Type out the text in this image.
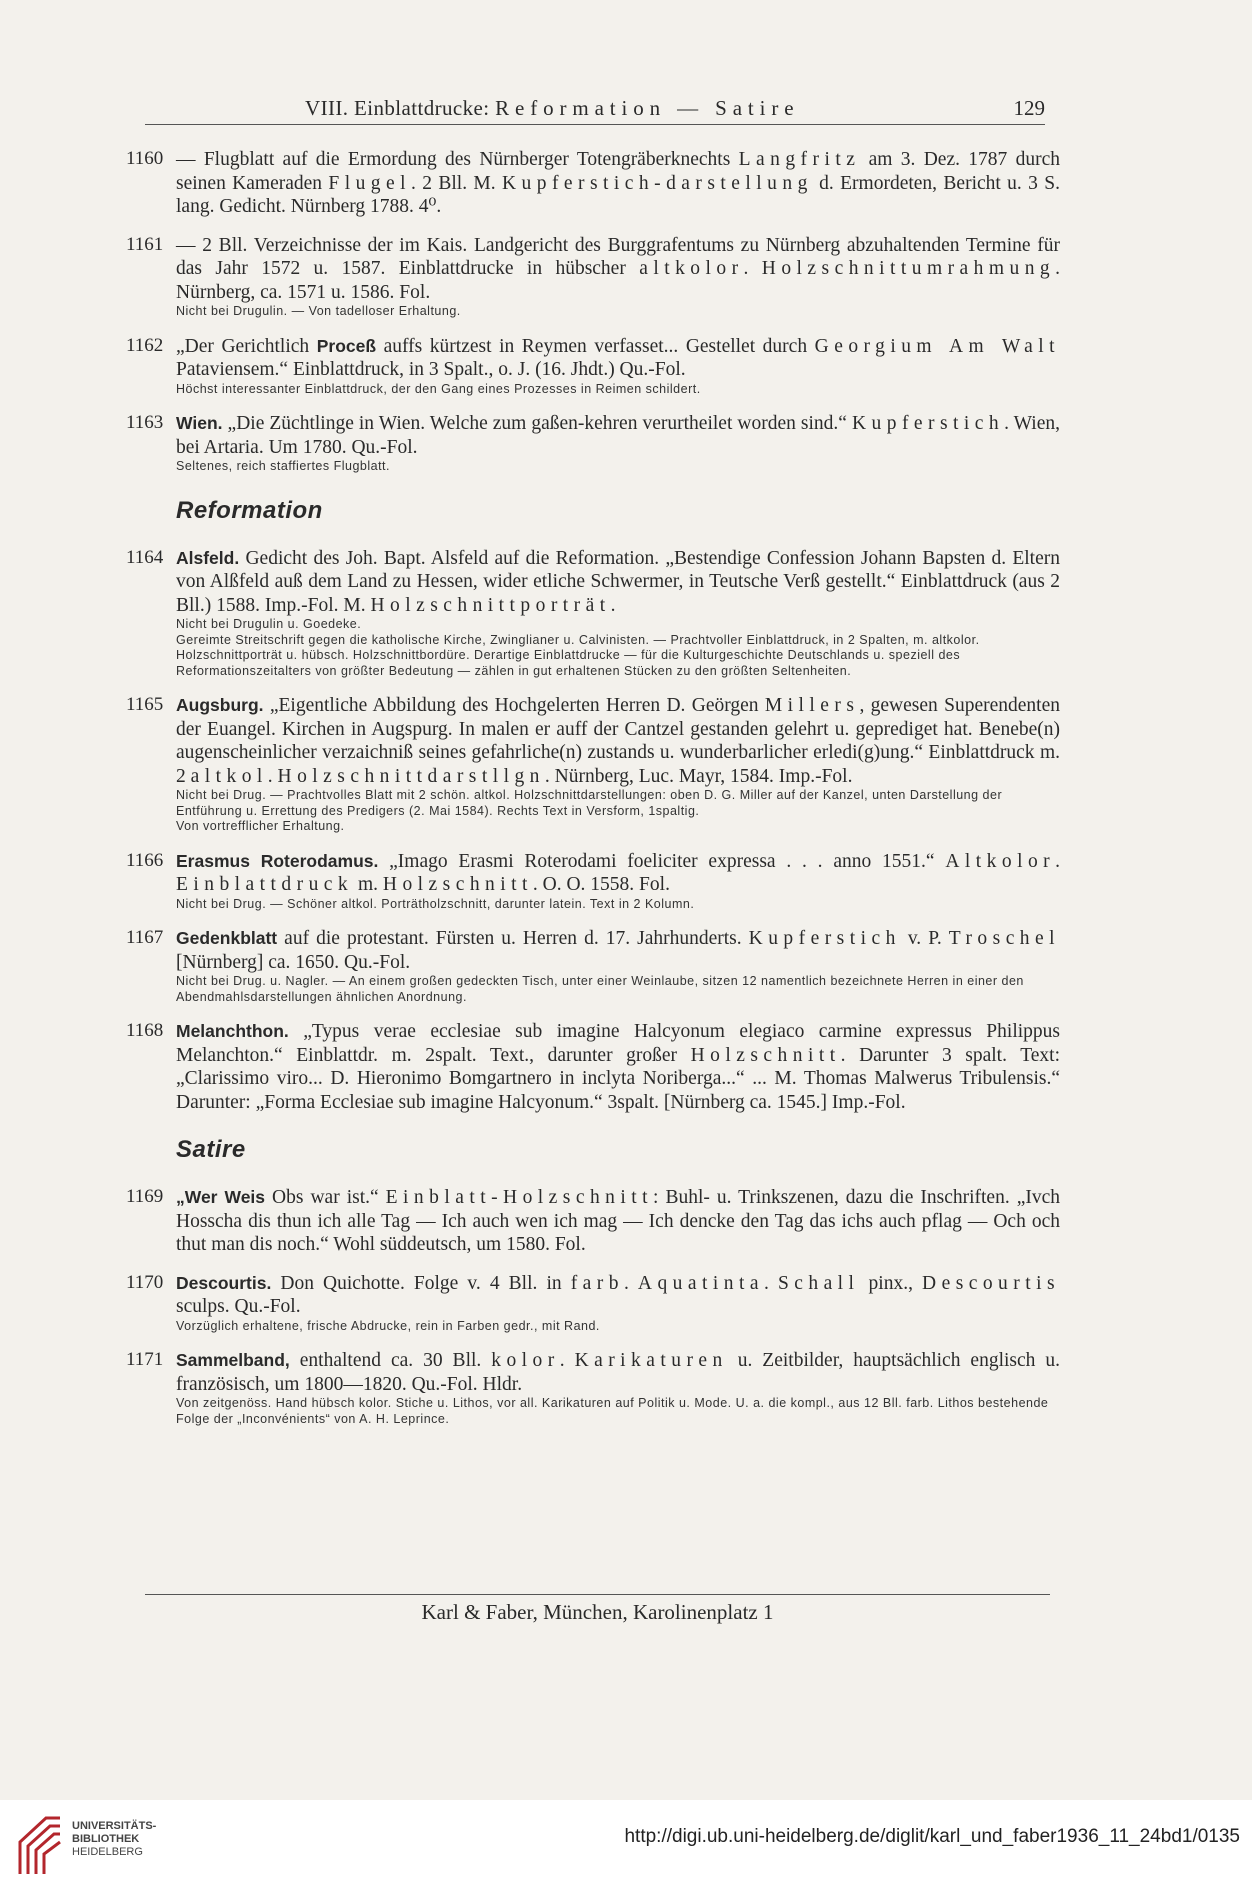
VIII. Einblattdrucke: Reformation — Satire	129
1160 — Flugblatt auf die Ermordung des Nürnberger Totengräberknechts Langfritz am 3. Dez. 1787 durch seinen Kameraden Flugel. 2 Bll. M. Kupferstich-darstellung d. Ermordeten, Bericht u. 3 S. lang. Gedicht. Nürnberg 1788. 4⁰.
1161 — 2 Bll. Verzeichnisse der im Kais. Landgericht des Burggrafentums zu Nürnberg abzuhaltenden Termine für das Jahr 1572 u. 1587. Einblattdrucke in hübscher altkolor. Holzschnittumrahmung. Nürnberg, ca. 1571 u. 1586. Fol.
Nicht bei Drugulin. — Von tadelloser Erhaltung.
1162 „Der Gerichtlich Proceß auffs kürtzest in Reymen verfasset... Gestellet durch Georgium Am Walt Pataviensem.“ Einblattdruck, in 3 Spalt., o. J. (16. Jhdt.) Qu.-Fol.
Höchst interessanter Einblattdruck, der den Gang eines Prozesses in Reimen schildert.
1163 Wien. „Die Züchtlinge in Wien. Welche zum gaßen-kehren verurtheilet worden sind.“ Kupferstich. Wien, bei Artaria. Um 1780. Qu.-Fol.
Seltenes, reich staffiertes Flugblatt.
Reformation
1164 Alsfeld. Gedicht des Joh. Bapt. Alsfeld auf die Reformation. „Bestendige Confession Johann Bapsten d. Eltern von Alßfeld auß dem Land zu Hessen, wider etliche Schwermer, in Teutsche Verß gestellt.“ Einblattdruck (aus 2 Bll.) 1588. Imp.-Fol. M. Holzschnittporträt.
Nicht bei Drugulin u. Goedeke.
Gereimte Streitschrift gegen die katholische Kirche, Zwinglianer u. Calvinisten. — Prachtvoller Einblattdruck, in 2 Spalten, m. altkolor. Holzschnittporträt u. hübsch. Holzschnittbordüre. Derartige Einblattdrucke — für die Kulturgeschichte Deutschlands u. speziell des Reformationszeitalters von größter Bedeutung — zählen in gut erhaltenen Stücken zu den größten Seltenheiten.
1165 Augsburg. „Eigentliche Abbildung des Hochgelerten Herren D. Geörgen Millers, gewesen Superendenten der Euangel. Kirchen in Augspurg. In malen er auff der Cantzel gestanden gelehrt u. geprediget hat. Benebe(n) augenscheinlicher verzaichniß seines gefahrliche(n) zustands u. wunderbarlicher erledi(g)ung.“ Einblattdruck m. 2 altkol. Holzschnittdarstllgn. Nürnberg, Luc. Mayr, 1584. Imp.-Fol.
Nicht bei Drug. — Prachtvolles Blatt mit 2 schön. altkol. Holzschnittdarstellungen: oben D. G. Miller auf der Kanzel, unten Darstellung der Entführung u. Errettung des Predigers (2. Mai 1584). Rechts Text in Versform, 1spaltig.
Von vortrefflicher Erhaltung.
1166 Erasmus Roterodamus. „Imago Erasmi Roterodami foeliciter expressa . . . anno 1551.“ Altkolor. Einblattdruck m. Holzschnitt. O. O. 1558. Fol.
Nicht bei Drug. — Schöner altkol. Porträtholzschnitt, darunter latein. Text in 2 Kolumn.
1167 Gedenkblatt auf die protestant. Fürsten u. Herren d. 17. Jahrhunderts. Kupferstich v. P. Troschel [Nürnberg] ca. 1650. Qu.-Fol.
Nicht bei Drug. u. Nagler. — An einem großen gedeckten Tisch, unter einer Weinlaube, sitzen 12 namentlich bezeichnete Herren in einer den Abendmahlsdarstellungen ähnlichen Anordnung.
1168 Melanchthon. „Typus verae ecclesiae sub imagine Halcyonum elegiaco carmine expressus Philippus Melanchton.“ Einblattdr. m. 2spalt. Text., darunter großer Holzschnitt. Darunter 3 spalt. Text: „Clarissimo viro... D. Hieronimo Bomgartnero in inclyta Noriberga...“ ... M. Thomas Malwerus Tribulensis.“ Darunter: „Forma Ecclesiae sub imagine Halcyonum.“ 3spalt. [Nürnberg ca. 1545.] Imp.-Fol.
Satire
1169 „Wer Weis Obs war ist.“ Einblatt-Holzschnitt: Buhl- u. Trinkszenen, dazu die Inschriften. „Ivch Hosscha dis thun ich alle Tag — Ich auch wen ich mag — Ich dencke den Tag das ichs auch pflag — Och och thut man dis noch.“ Wohl süddeutsch, um 1580. Fol.
1170 Descourtis. Don Quichotte. Folge v. 4 Bll. in farb. Aquatinta. Schall pinx., Descourtis sculps. Qu.-Fol.
Vorzüglich erhaltene, frische Abdrucke, rein in Farben gedr., mit Rand.
1171 Sammelband, enthaltend ca. 30 Bll. kolor. Karikaturen u. Zeitbilder, hauptsächlich englisch u. französisch, um 1800—1820. Qu.-Fol. Hldr.
Von zeitgenöss. Hand hübsch kolor. Stiche u. Lithos, vor all. Karikaturen auf Politik u. Mode. U. a. die kompl., aus 12 Bll. farb. Lithos bestehende Folge der „Inconvénients“ von A. H. Leprince.
Karl & Faber, München, Karolinenplatz 1
UNIVERSITÄTS-
BIBLIOTHEK
HEIDELBERG
http://digi.ub.uni-heidelberg.de/diglit/karl_und_faber1936_11_24bd1/0135
